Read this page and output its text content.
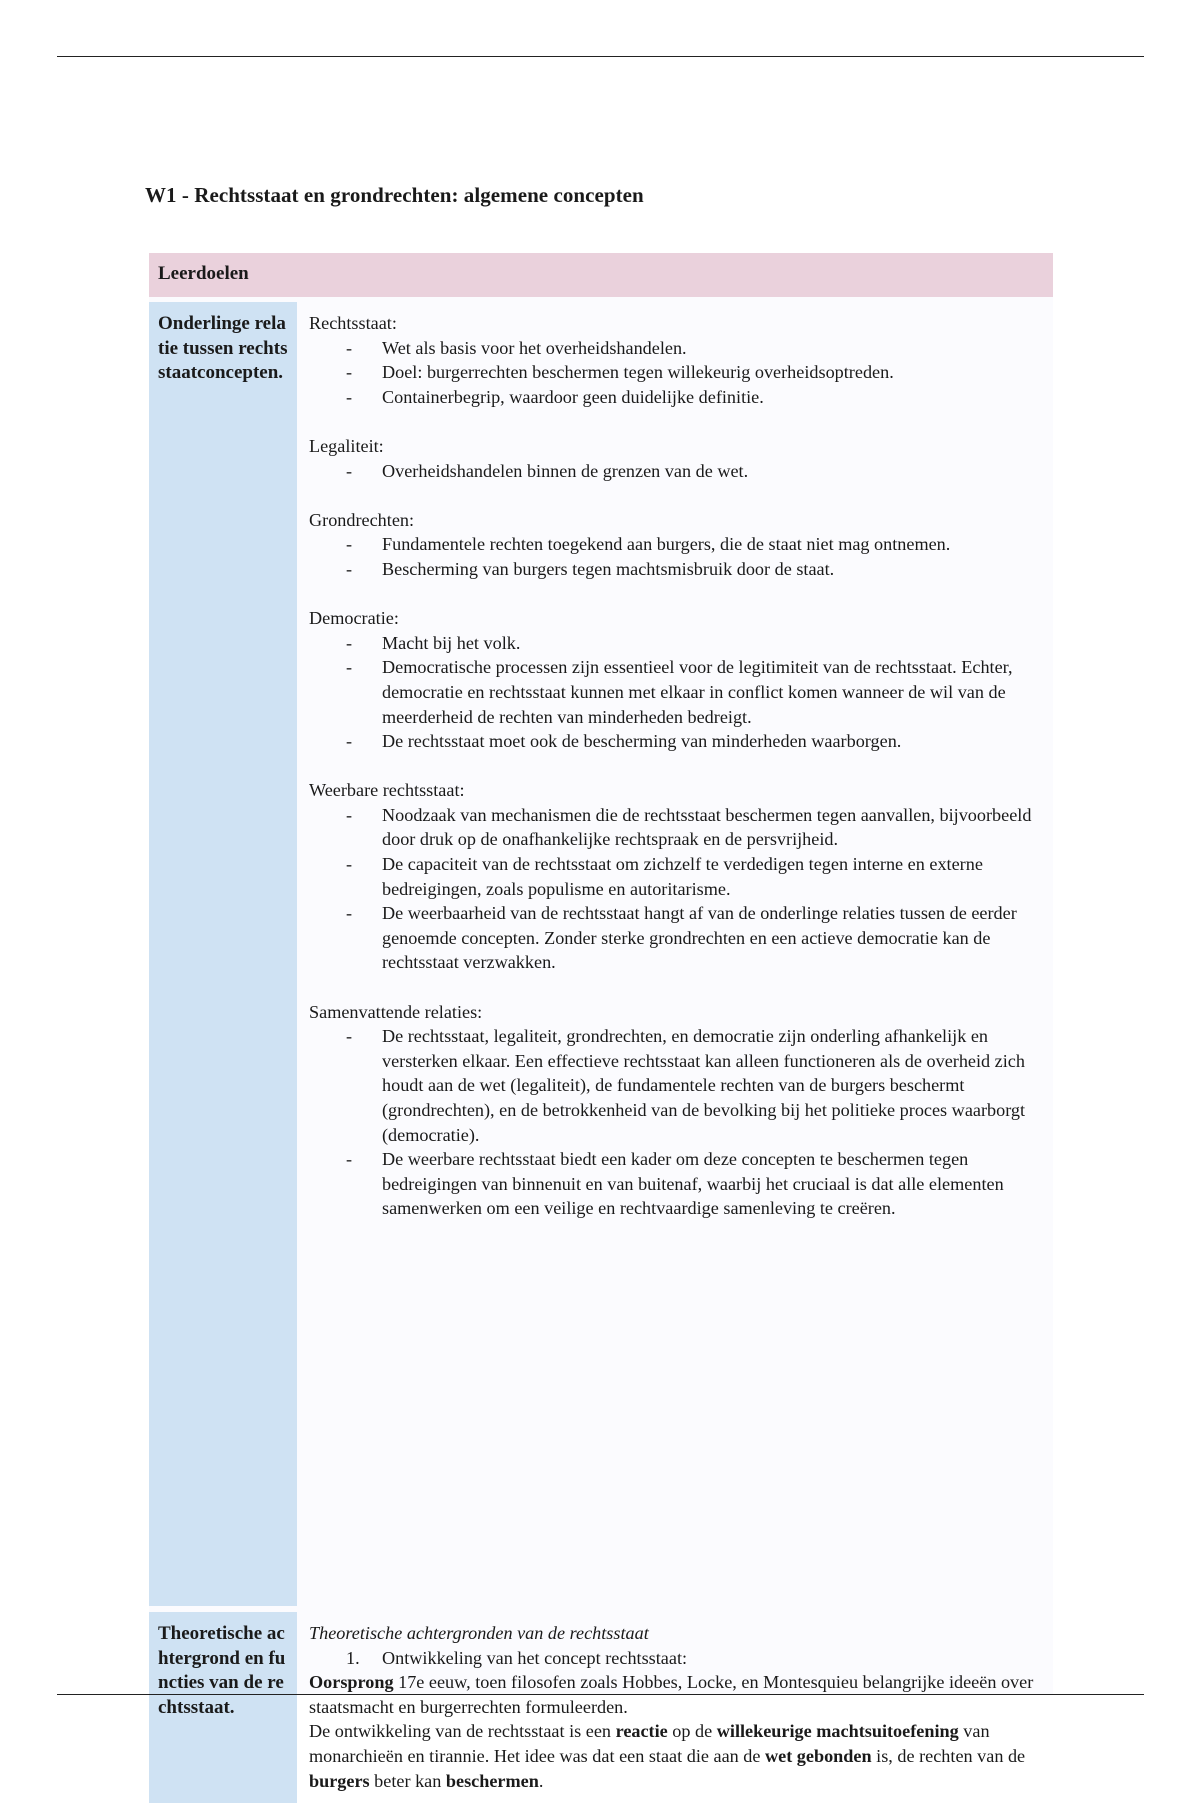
W1 - Rechtsstaat en grondrechten: algemene concepten
Leerdoelen
Onderlinge relatie tussen rechtsstaatconcepten.

Rechtsstaat:

- Wet als basis voor het overheidshandelen.
- Doel: burgerrechten beschermen tegen willekeurig overheidsoptreden.
- Containerbegrip, waardoor geen duidelijke definitie.

Legaliteit:

- Overheidshandelen binnen de grenzen van de wet.

Grondrechten:

- Fundamentele rechten toegekend aan burgers, die de staat niet mag ontnemen.
- Bescherming van burgers tegen machtsmisbruik door de staat.

Democratie:

- Macht bij het volk.
- Democratische processen zijn essentieel voor de legitimiteit van de rechtsstaat. Echter, democratie en rechtsstaat kunnen met elkaar in conflict komen wanneer de wil van de meerderheid de rechten van minderheden bedreigt.
- De rechtsstaat moet ook de bescherming van minderheden waarborgen.

Weerbare rechtsstaat:

- Noodzaak van mechanismen die de rechtsstaat beschermen tegen aanvallen, bijvoorbeeld door druk op de onafhankelijke rechtspraak en de persvrijheid.
- De capaciteit van de rechtsstaat om zichzelf te verdedigen tegen interne en externe bedreigingen, zoals populisme en autoritarisme.
- De weerbaarheid van de rechtsstaat hangt af van de onderlinge relaties tussen de eerder genoemde concepten. Zonder sterke grondrechten en een actieve democratie kan de rechtsstaat verzwakken.

Samenvattende relaties:

- De rechtsstaat, legaliteit, grondrechten, en democratie zijn onderling afhankelijk en versterken elkaar. Een effectieve rechtsstaat kan alleen functioneren als de overheid zich houdt aan de wet (legaliteit), de fundamentele rechten van de burgers beschermt (grondrechten), en de betrokkenheid van de bevolking bij het politieke proces waarborgt (democratie).
- De weerbare rechtsstaat biedt een kader om deze concepten te beschermen tegen bedreigingen van binnenuit en van buitenaf, waarbij het cruciaal is dat alle elementen samenwerken om een veilige en rechtvaardige samenleving te creëren.
Theoretische achtergrond en functies van de rechtsstaat.

Theoretische achtergronden van de rechtsstaat

1. Ontwikkeling van het concept rechtsstaat:

Oorsprong 17e eeuw, toen filosofen zoals Hobbes, Locke, en Montesquieu belangrijke ideeën over staatsmacht en burgerrechten formuleerden.

De ontwikkeling van de rechtsstaat is een reactie op de willekeurige machtsuitoefening van monarchieën en tirannie. Het idee was dat een staat die aan de wet gebonden is, de rechten van de burgers beter kan beschermen.
